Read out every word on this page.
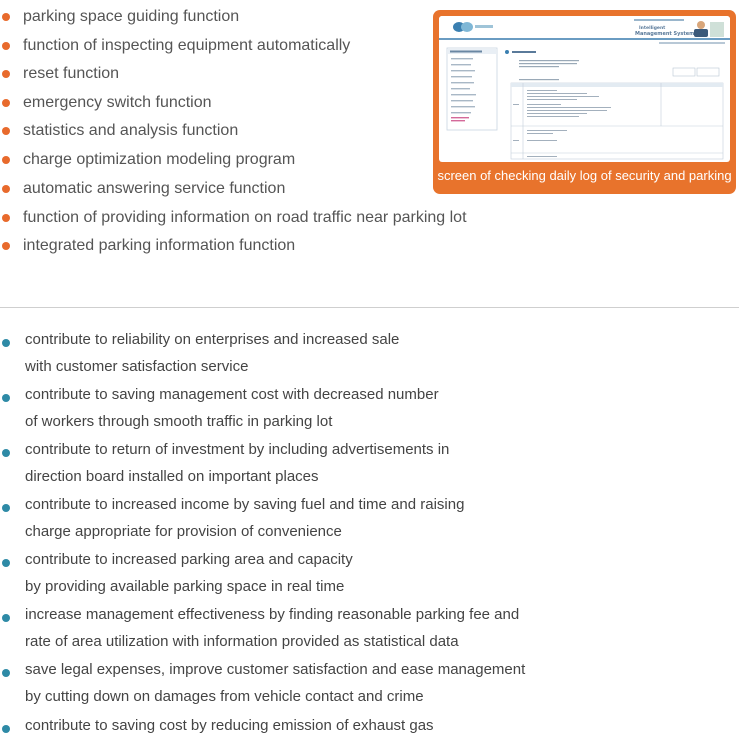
parking space guiding function
function of inspecting equipment automatically
reset function
emergency switch function
statistics and analysis function
charge optimization modeling program
automatic answering service function
function of providing information on road traffic near parking lot
integrated parking information function
Intelligent
Management System
screen of checking daily log of security and parking
contribute to reliability on enterprises and increased sale
with customer satisfaction service
contribute to saving management cost with decreased number
of workers through smooth traffic in parking lot
contribute to return of investment by including advertisements in
direction board installed on important places
contribute to increased income by saving fuel and time and raising
charge appropriate for provision of convenience
contribute to increased parking area and capacity
by providing available parking space in real time
increase management effectiveness by finding reasonable parking fee and
rate of area utilization with information provided as statistical data
save legal expenses, improve customer satisfaction and ease management
by cutting down on damages from vehicle contact and crime
contribute to saving cost by reducing emission of exhaust gas
